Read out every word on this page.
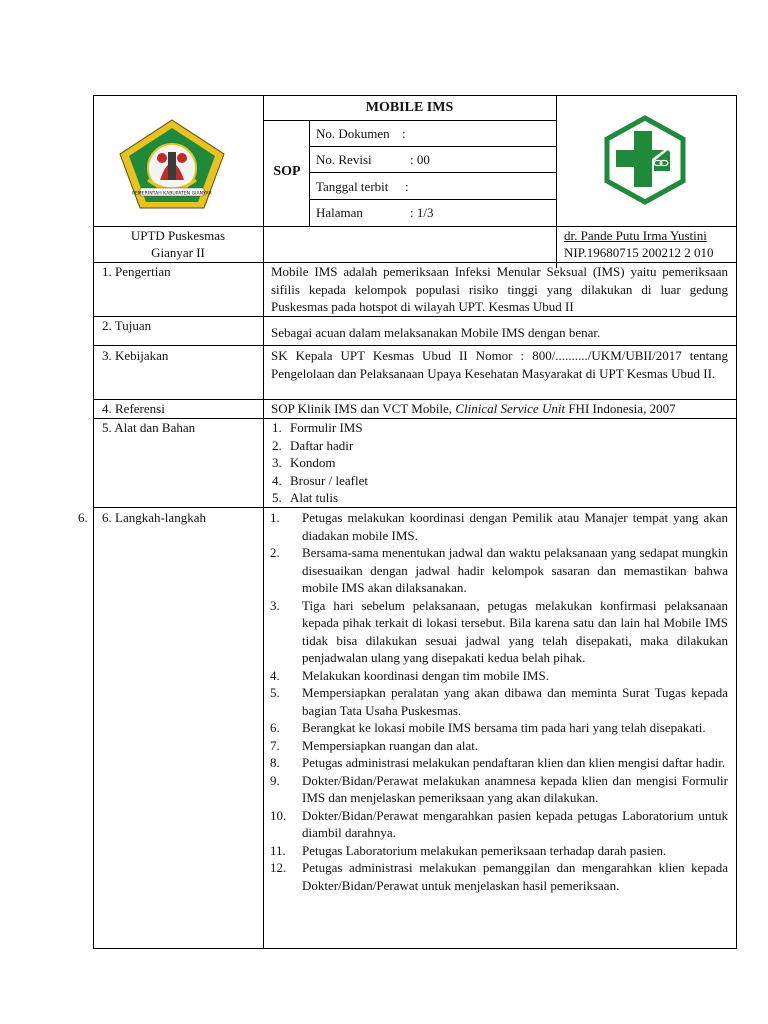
PEMERINTAH KABUPATEN GIANYAR
MOBILE IMS
SOP
No. Dokumen :
No. Revisi	: 00
Tanggal terbit :
Halaman	: 1/3
UPTD Puskesmas
Gianyar II
dr. Pande Putu Irma Yustini
NIP.19680715 200212 2 010
1. Pengertian	Mobile IMS adalah pemeriksaan Infeksi Menular Seksual (IMS) yaitu pemeriksaan sifilis kepada kelompok populasi risiko tinggi yang dilakukan di luar gedung Puskesmas pada hotspot di wilayah UPT. Kesmas Ubud II
2. Tujuan	Sebagai acuan dalam melaksanakan Mobile IMS dengan benar.
3. Kebijakan	SK Kepala UPT Kesmas Ubud II Nomor : 800/........../UKM/UBII/2017 tentang Pengelolaan dan Pelaksanaan Upaya Kesehatan Masyarakat di UPT Kesmas Ubud II.
4. Referensi	SOP Klinik IMS dan VCT Mobile, Clinical Service Unit FHI Indonesia, 2007
5. Alat dan Bahan	1. Formulir IMS
2. Daftar hadir
3. Kondom
4. Brosur / leaflet
5. Alat tulis
6. 6. Langkah-langkah	1. Petugas melakukan koordinasi dengan Pemilik atau Manajer tempat yang akan diadakan mobile IMS.
2. Bersama-sama menentukan jadwal dan waktu pelaksanaan yang sedapat mungkin disesuaikan dengan jadwal hadir kelompok sasaran dan memastikan bahwa mobile IMS akan dilaksanakan.
3. Tiga hari sebelum pelaksanaan, petugas melakukan konfirmasi pelaksanaan kepada pihak terkait di lokasi tersebut. Bila karena satu dan lain hal Mobile IMS tidak bisa dilakukan sesuai jadwal yang telah disepakati, maka dilakukan penjadwalan ulang yang disepakati kedua belah pihak.
4. Melakukan koordinasi dengan tim mobile IMS.
5. Mempersiapkan peralatan yang akan dibawa dan meminta Surat Tugas kepada bagian Tata Usaha Puskesmas.
6. Berangkat ke lokasi mobile IMS bersama tim pada hari yang telah disepakati.
7. Mempersiapkan ruangan dan alat.
8. Petugas administrasi melakukan pendaftaran klien dan klien mengisi daftar hadir.
9. Dokter/Bidan/Perawat melakukan anamnesa kepada klien dan mengisi Formulir IMS dan menjelaskan pemeriksaan yang akan dilakukan.
10. Dokter/Bidan/Perawat mengarahkan pasien kepada petugas Laboratorium untuk diambil darahnya.
11. Petugas Laboratorium melakukan pemeriksaan terhadap darah pasien.
12. Petugas administrasi melakukan pemanggilan dan mengarahkan klien kepada Dokter/Bidan/Perawat untuk menjelaskan hasil pemeriksaan.
